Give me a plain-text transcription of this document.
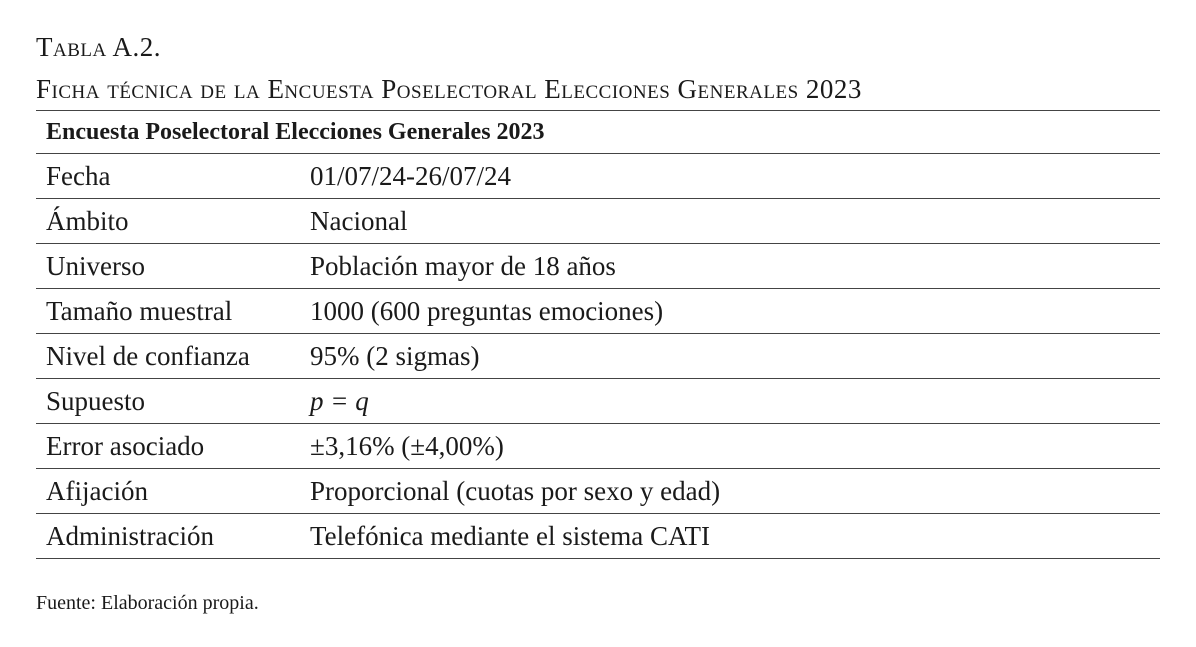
Tabla A.2.
Ficha técnica de la Encuesta Poselectoral Elecciones Generales 2023
Encuesta Poselectoral Elecciones Generales 2023	
Fecha	01/07/24-26/07/24
Ámbito	Nacional
Universo	Población mayor de 18 años
Tamaño muestral	1000 (600 preguntas emociones)
Nivel de confianza	95% (2 sigmas)
Supuesto	p = q
Error asociado	±3,16% (±4,00%)
Afijación	Proporcional (cuotas por sexo y edad)
Administración	Telefónica mediante el sistema CATI
Fuente: Elaboración propia.
